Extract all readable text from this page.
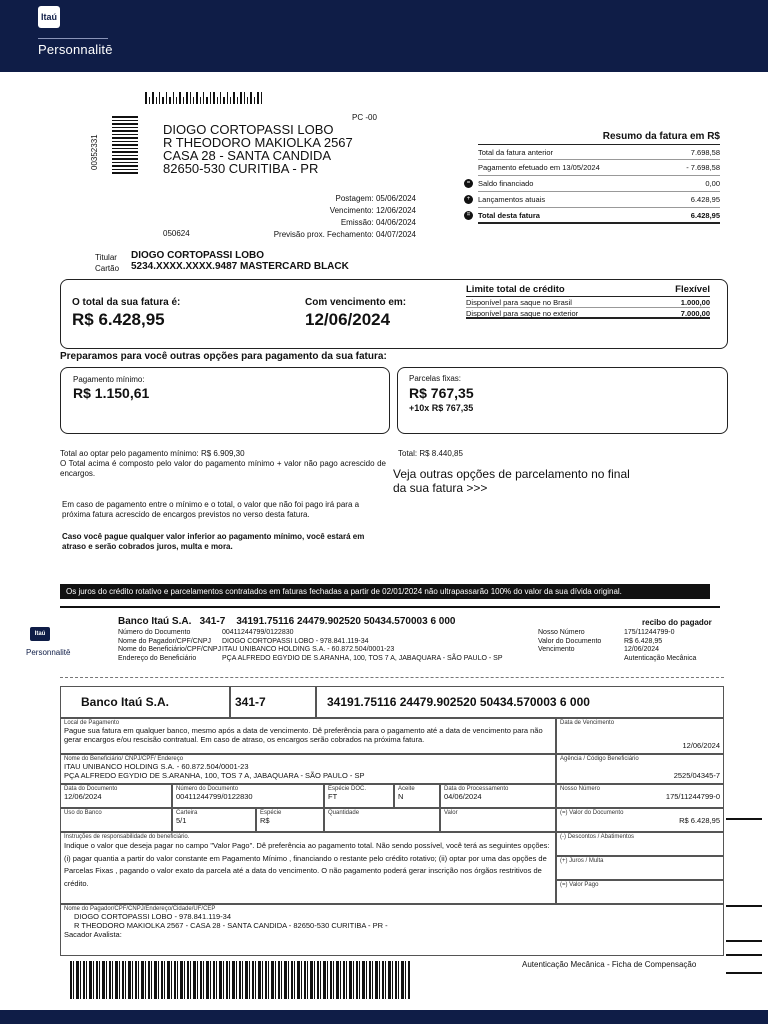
Itaú
Personnalitē
PC -00
00352331
DIOGO CORTOPASSI LOBO
R THEODORO MAKIOLKA 2567
CASA 28 - SANTA CANDIDA
82650-530 CURITIBA - PR
Postagem: 05/06/2024
Vencimento: 12/06/2024
Emissão: 04/06/2024
Previsão prox. Fechamento: 04/07/2024
050624
Resumo da fatura em R$
Total da fatura anterior	7.698,58
Pagamento efetuado em 13/05/2024	- 7.698,58
=	Saldo financiado	0,00
+	Lançamentos atuais	6.428,95
=	Total desta fatura	6.428,95
Titular DIOGO CORTOPASSI LOBO
Cartão 5234.XXXX.XXXX.9487 MASTERCARD BLACK
O total da sua fatura é:
R$ 6.428,95
Com vencimento em:
12/06/2024
Limite total de crédito	Flexível
Disponível para saque no Brasil	1.000,00
Disponível para saque no exterior	7.000,00
Preparamos para você outras opções para pagamento da sua fatura:
Pagamento mínimo:
R$ 1.150,61
Parcelas fixas:
R$ 767,35
+10x R$ 767,35
Total ao optar pelo pagamento mínimo: R$ 6.909,30
O Total acima é composto pelo valor do pagamento mínimo + valor não pago acrescido de encargos.
Total: R$ 8.440,85
Veja outras opções de parcelamento no final da sua fatura >>>
Em caso de pagamento entre o mínimo e o total, o valor que não foi pago irá para a próxima fatura acrescido de encargos previstos no verso desta fatura.
Caso você pague qualquer valor inferior ao pagamento mínimo, você estará em atraso e serão cobrados juros, multa e mora.
Os juros do crédito rotativo e parcelamentos contratados em faturas fechadas a partir de 02/01/2024 não ultrapassarão 100% do valor da sua dívida original.
Itaú
Personnalitē
Banco Itaú S.A.   341-7    34191.75116 24479.902520 50434.570003 6 000	recibo do pagador
Número do Documento	00411244799/0122830	Nosso Número	175/11244799-0
Nome do Pagador/CPF/CNPJ	DIOGO CORTOPASSI LOBO - 978.841.119-34	Valor do Documento	R$ 6.428,95
Nome do Beneficiário/CPF/CNPJ ITAU UNIBANCO HOLDING S.A. - 60.872.504/0001-23	Vencimento	12/06/2024
Endereço do Beneficiário	PÇA ALFREDO EGYDIO DE S.ARANHA, 100, TOS 7 A, JABAQUARA - SÃO PAULO - SP	Autenticação Mecânica
Banco Itaú S.A.	341-7	34191.75116 24479.902520 50434.570003 6 000
Local de Pagamento
Pague sua fatura em qualquer banco, mesmo após a data de vencimento. Dê preferência para o pagamento até a data de vencimento para não gerar encargos e/ou rescisão contratual. Em caso de atraso, os encargos serão cobrados na próxima fatura.
Data de Vencimento
12/06/2024
Nome do Beneficiário/ CNPJ/CPF/ Endereço
ITAU UNIBANCO HOLDING S.A. - 60.872.504/0001-23
PÇA ALFREDO EGYDIO DE S.ARANHA, 100, TOS 7 A, JABAQUARA - SÃO PAULO - SP
Agência / Código Beneficiário
2525/04345-7
Data do Documento
12/06/2024
Número do Documento
00411244799/0122830
Espécie DOC.
FT
Aceite
N
Data do Processamento
04/06/2024
Nosso Número
175/11244799-0
Uso do Banco	Carteira
5/1
Espécie
R$
Quantidade	Valor	(=) Valor do Documento
R$ 6.428,95
Instruções de responsabilidade do beneficiário.
Indique o valor que deseja pagar no campo "Valor Pago". Dê preferência ao pagamento total. Não sendo possível, você terá as seguintes opções: (i) pagar quantia a partir do valor constante em Pagamento Mínimo , financiando o restante pelo crédito rotativo; (ii) optar por uma das opções de Parcelas Fixas , pagando o valor exato da parcela até a data do vencimento. O não pagamento poderá gerar inscrição nos órgãos restritivos de crédito.
(-) Descontos / Abatimentos
(+) Juros / Multa
(=) Valor Pago
Nome do Pagador/CPF/CNPJ/Endereço/Cidade/UF/CEP
DIOGO CORTOPASSI LOBO - 978.841.119-34
R THEODORO MAKIOLKA 2567 - CASA 28 - SANTA CANDIDA - 82650-530 CURITIBA - PR -
Sacador Avalista:
Autenticação Mecânica - Ficha de Compensação
